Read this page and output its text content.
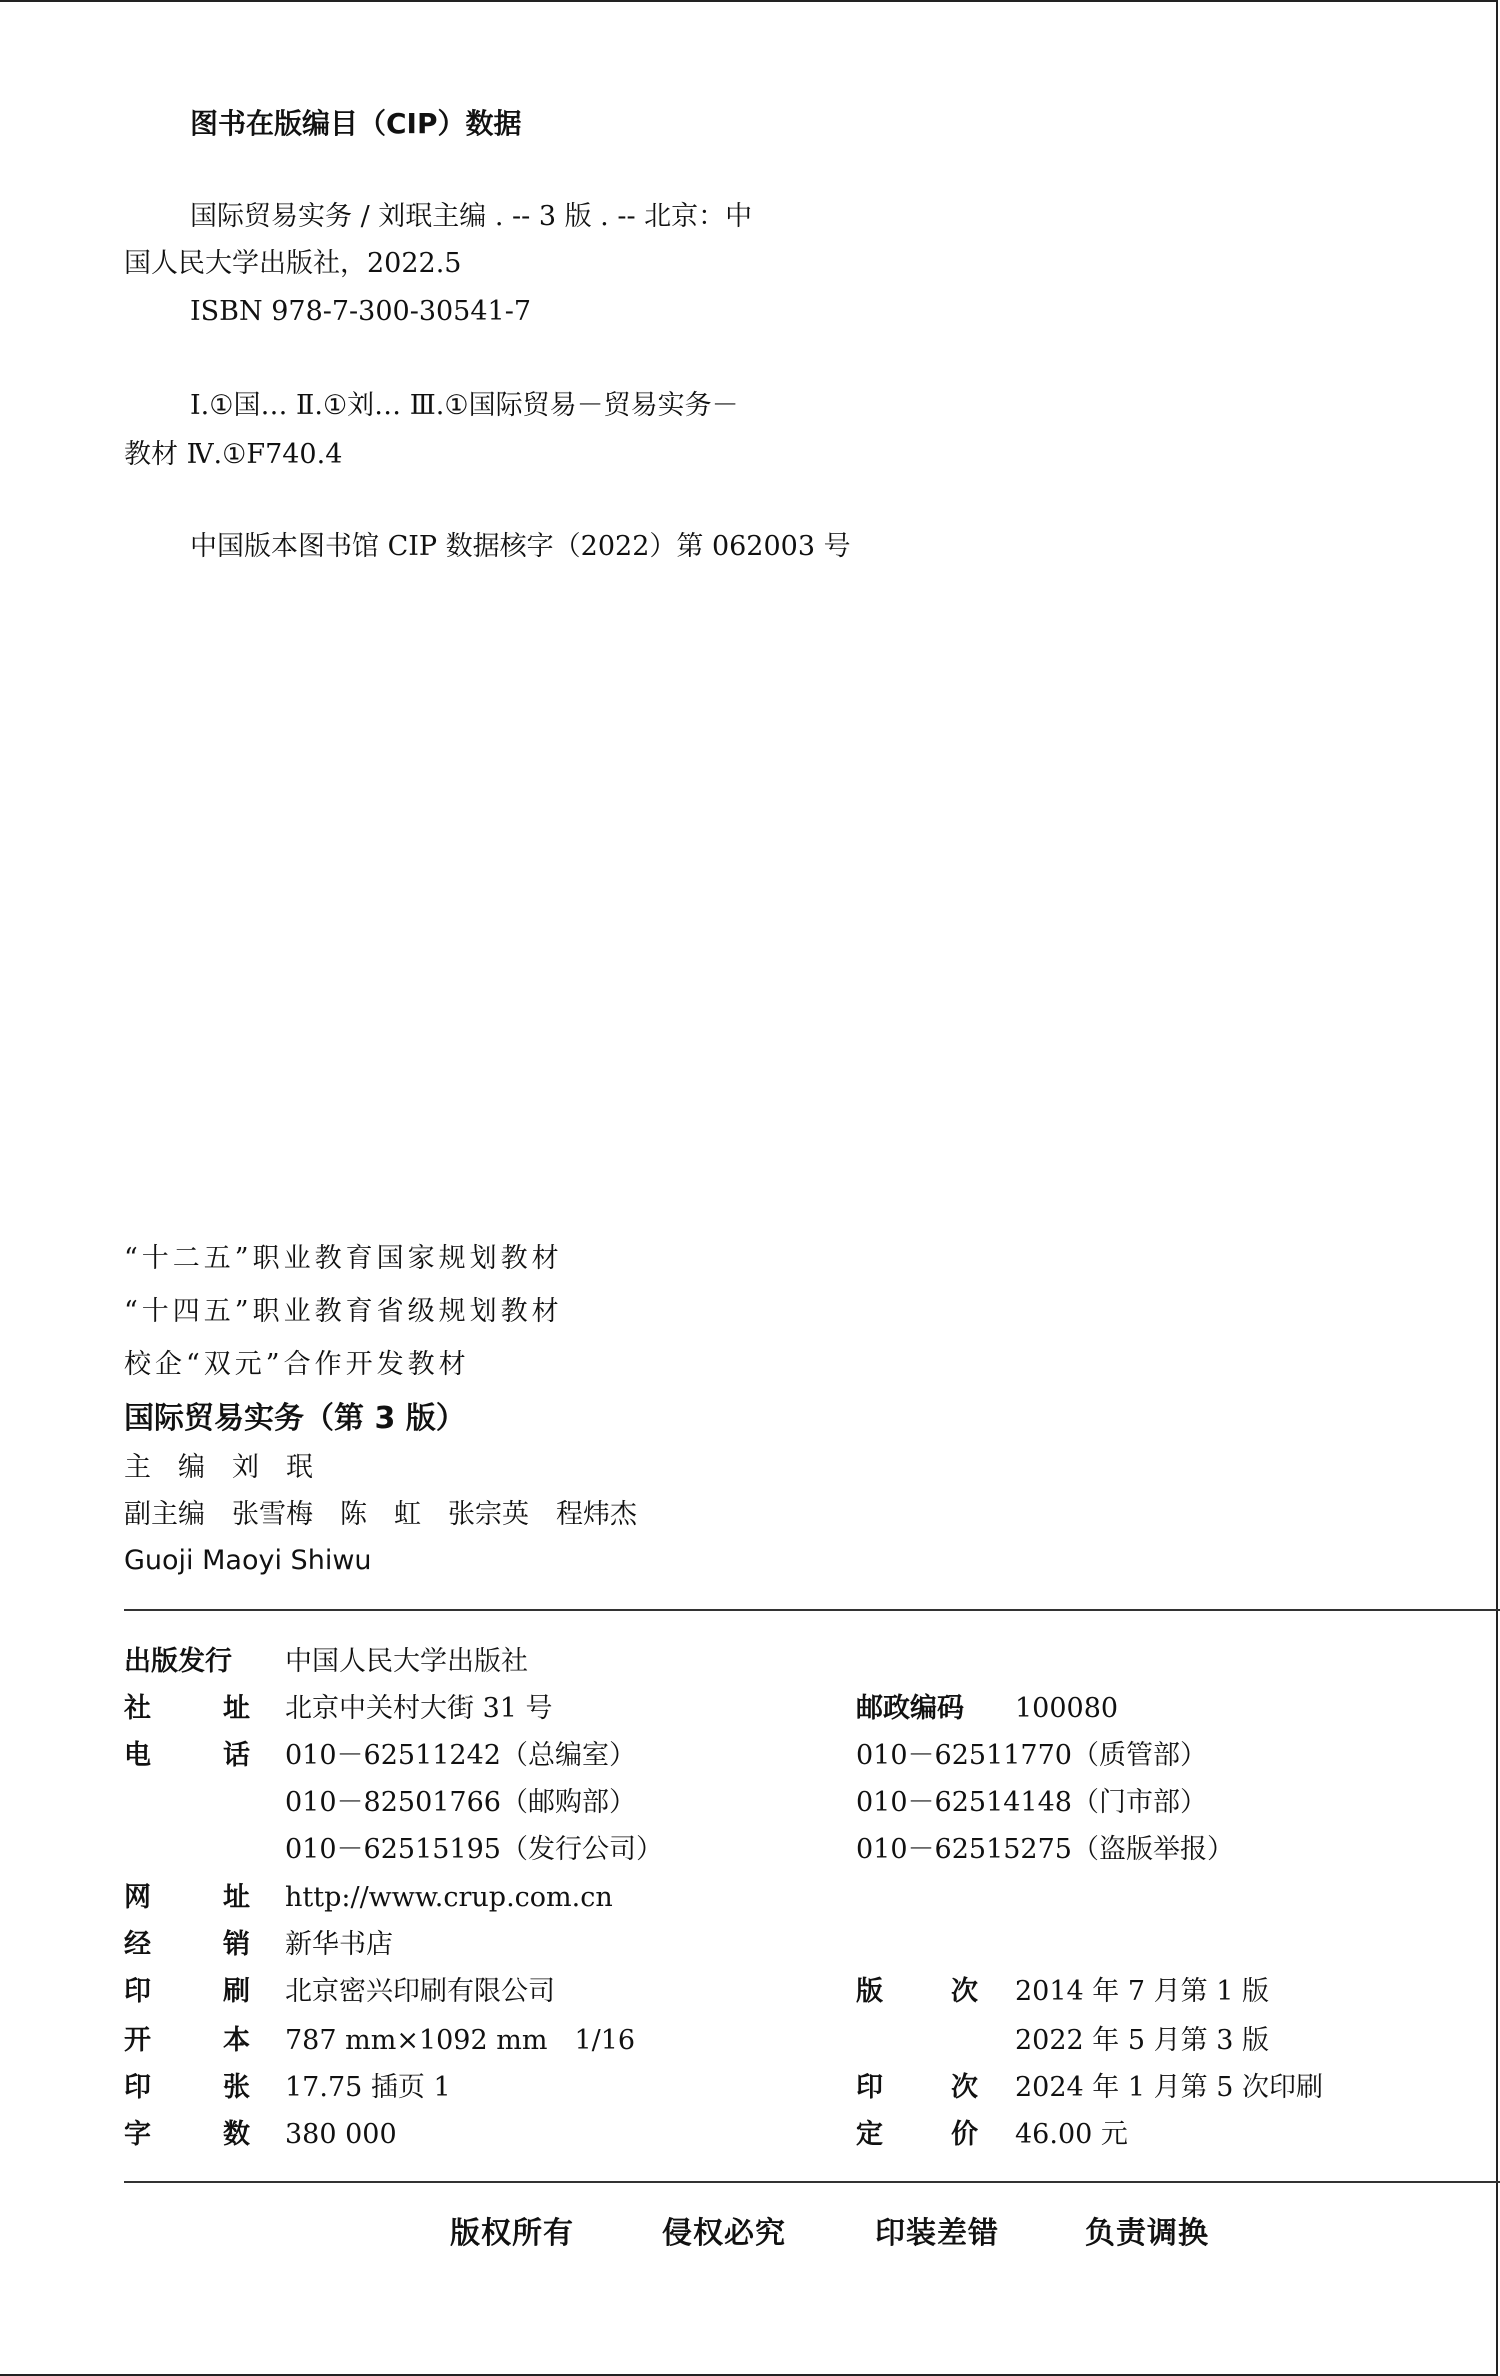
图书在版编目（CIP）数据
国际贸易实务 / 刘珉主编 . -- 3 版 . -- 北京：中
国人民大学出版社，2022.5
ISBN 978-7-300-30541-7
Ⅰ.①国… Ⅱ.①刘… Ⅲ.①国际贸易－贸易实务－
教材 Ⅳ.①F740.4
中国版本图书馆 CIP 数据核字（2022）第 062003 号
“十二五”职业教育国家规划教材
“十四五”职业教育省级规划教材
校企“双元”合作开发教材
国际贸易实务（第 3 版）
主　编　刘　珉
副主编　张雪梅　陈　虹　张宗英　程炜杰
Guoji Maoyi Shiwu
出版发行 中国人民大学出版社
社	址 北京中关村大街 31 号	邮政编码 100080
电	话 010－62511242（总编室）	010－62511770（质管部）
010－82501766（邮购部）	010－62514148（门市部）
010－62515195（发行公司）	010－62515275（盗版举报）
网	址 http://www.crup.com.cn
经	销 新华书店
印	刷 北京密兴印刷有限公司	版	次 2014 年 7 月第 1 版
开	本 787 mm×1092 mm　1/16	2022 年 5 月第 3 版
印	张 17.75 插页 1	印	次 2024 年 1 月第 5 次印刷
字	数 380 000	定	价 46.00 元
版权所有	侵权必究	印装差错	负责调换
